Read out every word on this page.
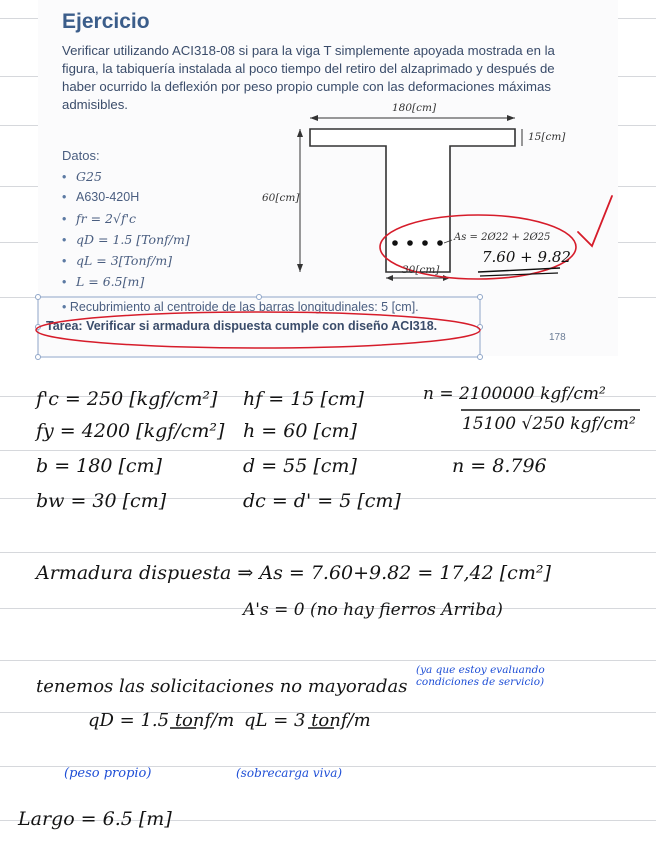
Ejercicio
Verificar utilizando ACI318-08 si para la viga T simplemente apoyada mostrada en la figura, la tabiquería instalada al poco tiempo del retiro del alzaprimado y después de haber ocurrido la deflexión por peso propio cumple con las deformaciones máximas admisibles.
Datos:
• G25
• A630-420H
• fr = 2√f'c
• qD = 1.5 [Tonf/m]
• qL = 3[Tonf/m]
• L = 6.5[m]
• Recubrimiento al centroide de las barras longitudinales: 5 [cm].
Tarea: Verificar si armadura dispuesta cumple con diseño ACI318.
178
180[cm]
15[cm]
60[cm]
30[cm]
As = 2Ø22 + 2Ø25
7.60 + 9.82
f'c = 250 [kgf/cm²] hf = 15 [cm]	n = 2100000 kgf/cm²
15100 √250 kgf/cm²
fy = 4200 [kgf/cm²] h = 60 [cm]
b = 180 [cm]	d = 55 [cm]	n = 8.796
bw = 30 [cm]	dc = d' = 5 [cm]
Armadura dispuesta ⇒ As = 7.60+9.82 = 17,42 [cm²]
A's = 0 (no hay fierros Arriba)
tenemos las solicitaciones no mayoradas
(ya que estoy evaluando condiciones de servicio)
qD = 1.5 tonf/m qL = 3 tonf/m
(peso propio)	(sobrecarga viva)
Largo = 6.5 [m]
